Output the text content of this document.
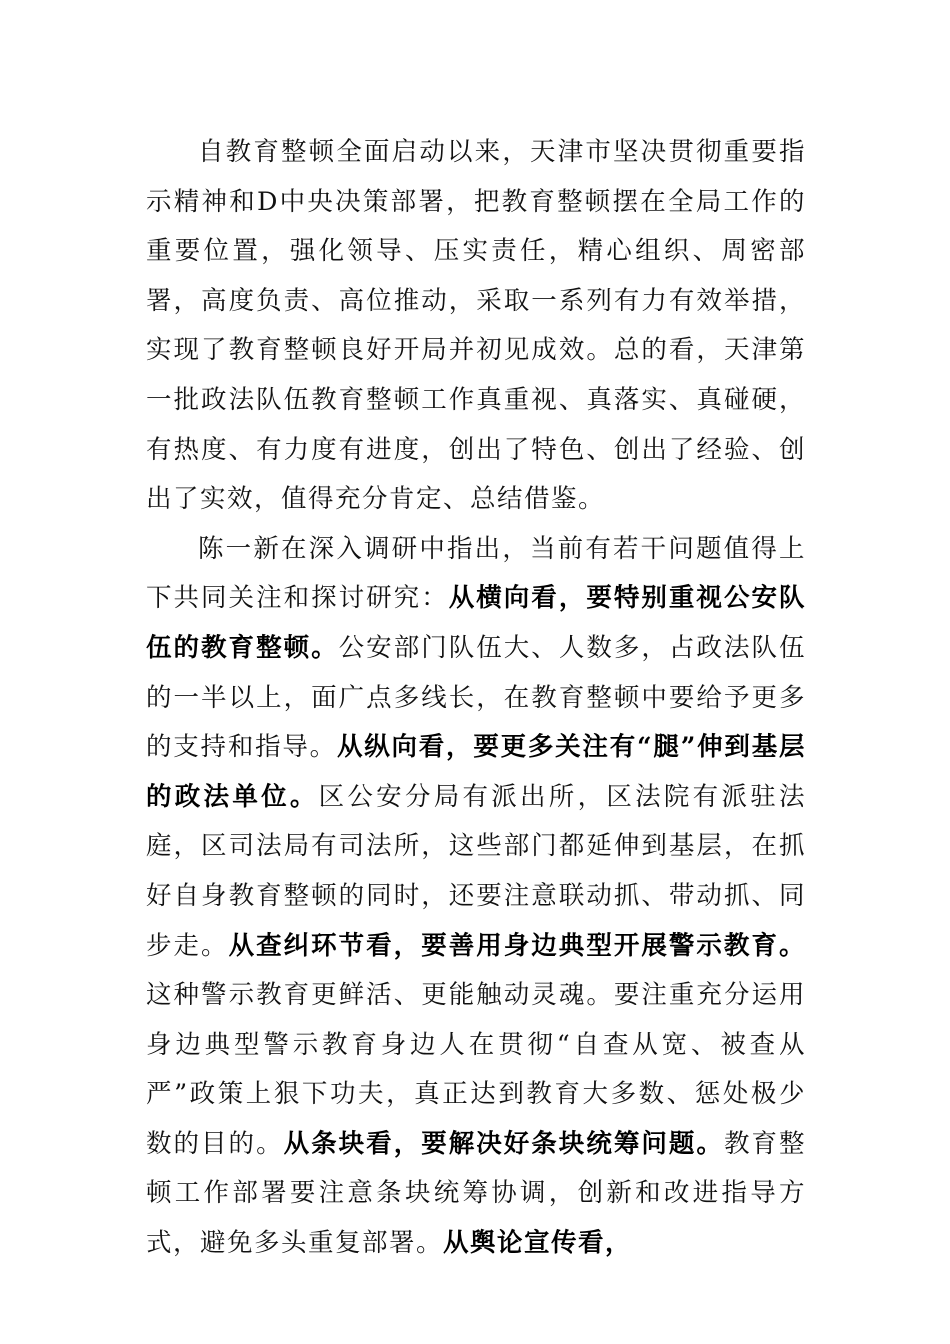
自教育整顿全面启动以来，天津市坚决贯彻重要指示精神和D中央决策部署，把教育整顿摆在全局工作的重要位置，强化领导、压实责任，精心组织、周密部署，高度负责、高位推动，采取一系列有力有效举措，实现了教育整顿良好开局并初见成效。总的看，天津第一批政法队伍教育整顿工作真重视、真落实、真碰硬，有热度、有力度有进度，创出了特色、创出了经验、创出了实效，值得充分肯定、总结借鉴。

陈一新在深入调研中指出，当前有若干问题值得上下共同关注和探讨研究：从横向看，要特别重视公安队伍的教育整顿。公安部门队伍大、人数多，占政法队伍的一半以上，面广点多线长，在教育整顿中要给予更多的支持和指导。从纵向看，要更多关注有“腿”伸到基层的政法单位。区公安分局有派出所，区法院有派驻法庭，区司法局有司法所，这些部门都延伸到基层，在抓好自身教育整顿的同时，还要注意联动抓、带动抓、同步走。从查纠环节看，要善用身边典型开展警示教育。这种警示教育更鲜活、更能触动灵魂。要注重充分运用身边典型警示教育身边人在贯彻“自查从宽、被查从严”政策上狠下功夫，真正达到教育大多数、惩处极少数的目的。从条块看，要解决好条块统筹问题。教育整顿工作部署要注意条块统筹协调，创新和改进指导方式，避免多头重复部署。从舆论宣传看，
